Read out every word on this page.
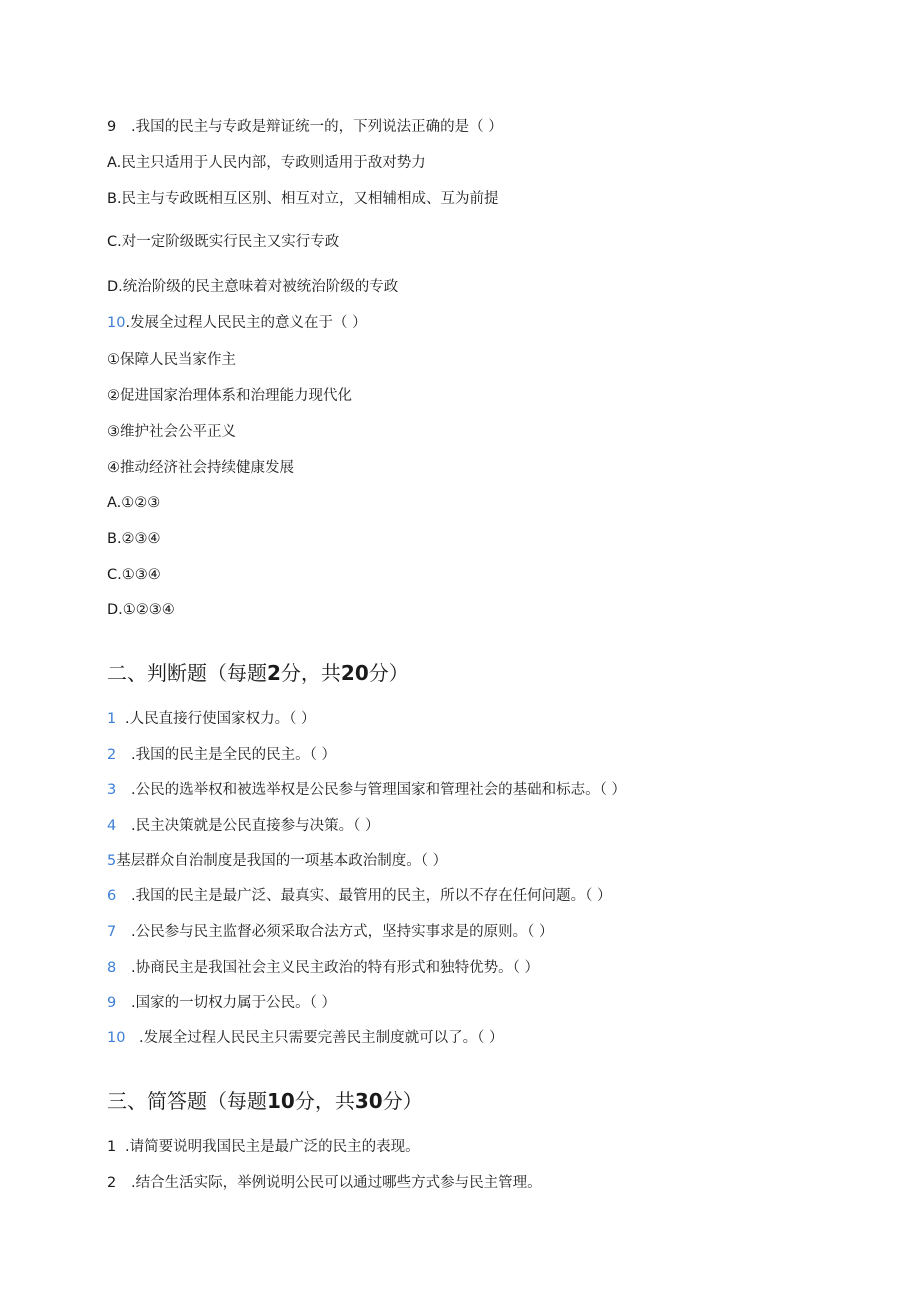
9 .我国的民主与专政是辩证统一的，下列说法正确的是（ ）
A.民主只适用于人民内部，专政则适用于敌对势力
B.民主与专政既相互区别、相互对立，又相辅相成、互为前提
C.对一定阶级既实行民主又实行专政
D.统治阶级的民主意味着对被统治阶级的专政
10.发展全过程人民民主的意义在于（ ）
①保障人民当家作主
②促进国家治理体系和治理能力现代化
③维护社会公平正义
④推动经济社会持续健康发展
A.①②③
B.②③④
C.①③④
D.①②③④
二、判断题（每题2分，共20分）
1 .人民直接行使国家权力。（ ）
2 .我国的民主是全民的民主。（ ）
3 .公民的选举权和被选举权是公民参与管理国家和管理社会的基础和标志。（ ）
4 .民主决策就是公民直接参与决策。（ ）
5基层群众自治制度是我国的一项基本政治制度。（ ）
6 .我国的民主是最广泛、最真实、最管用的民主，所以不存在任何问题。（ ）
7 .公民参与民主监督必须采取合法方式，坚持实事求是的原则。（ ）
8 .协商民主是我国社会主义民主政治的特有形式和独特优势。（ ）
9 .国家的一切权力属于公民。（ ）
10 .发展全过程人民民主只需要完善民主制度就可以了。（ ）
三、简答题（每题10分，共30分）
1 .请简要说明我国民主是最广泛的民主的表现。
2 .结合生活实际，举例说明公民可以通过哪些方式参与民主管理。
